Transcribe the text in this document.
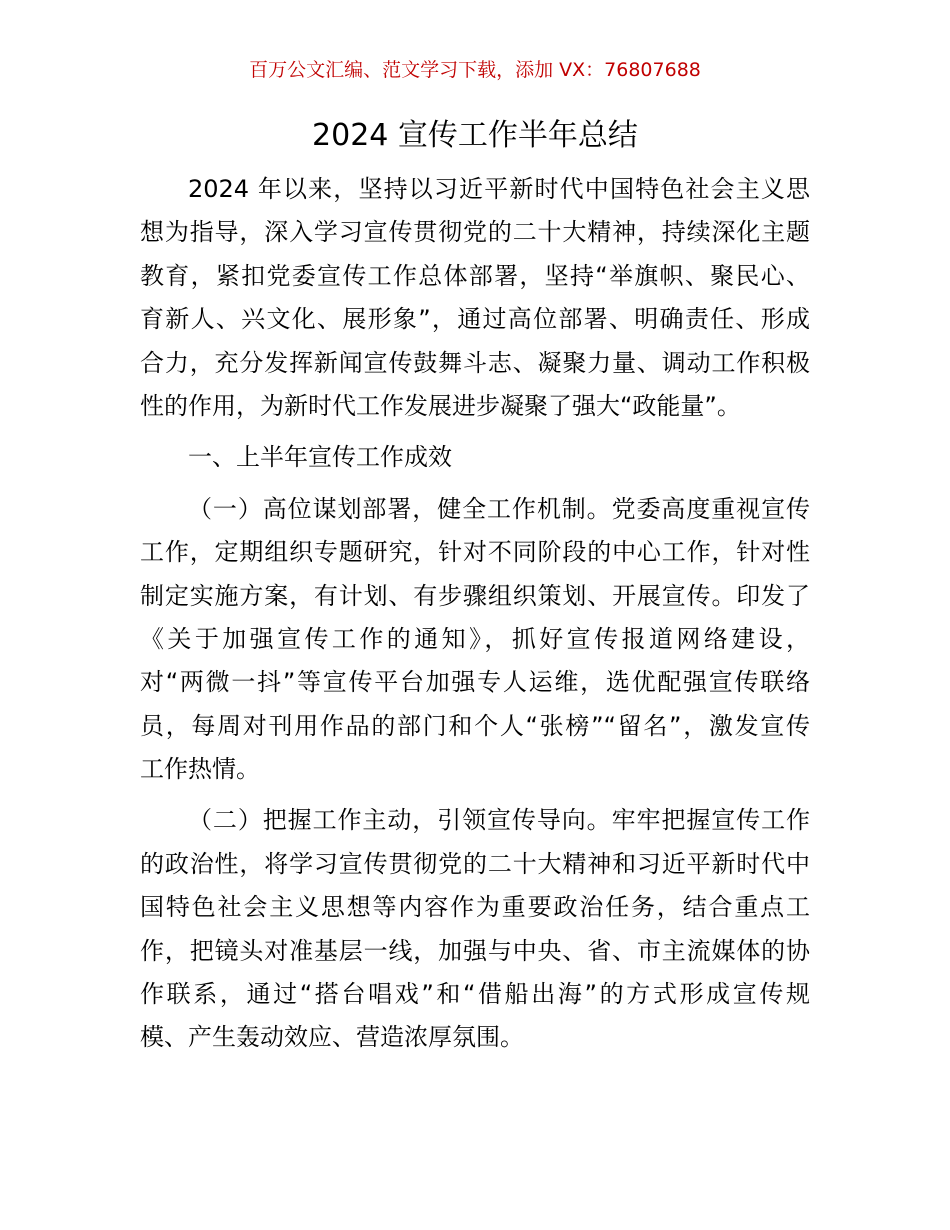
百万公文汇编、范文学习下载，添加 VX：76807688
2024 宣传工作半年总结
2024 年以来，坚持以习近平新时代中国特色社会主义思
想为指导，深入学习宣传贯彻党的二十大精神，持续深化主题
教育，紧扣党委宣传工作总体部署，坚持“举旗帜、聚民心、
育新人、兴文化、展形象”，通过高位部署、明确责任、形成
合力，充分发挥新闻宣传鼓舞斗志、凝聚力量、调动工作积极
性的作用，为新时代工作发展进步凝聚了强大“政能量”。
一、上半年宣传工作成效
（一）高位谋划部署，健全工作机制。党委高度重视宣传
工作，定期组织专题研究，针对不同阶段的中心工作，针对性
制定实施方案，有计划、有步骤组织策划、开展宣传。印发了
《关于加强宣传工作的通知》，抓好宣传报道网络建设，
对“两微一抖”等宣传平台加强专人运维，选优配强宣传联络
员，每周对刊用作品的部门和个人“张榜”“留名”，激发宣传
工作热情。
（二）把握工作主动，引领宣传导向。牢牢把握宣传工作
的政治性，将学习宣传贯彻党的二十大精神和习近平新时代中
国特色社会主义思想等内容作为重要政治任务，结合重点工
作，把镜头对准基层一线，加强与中央、省、市主流媒体的协
作联系，通过“搭台唱戏”和“借船出海”的方式形成宣传规
模、产生轰动效应、营造浓厚氛围。
